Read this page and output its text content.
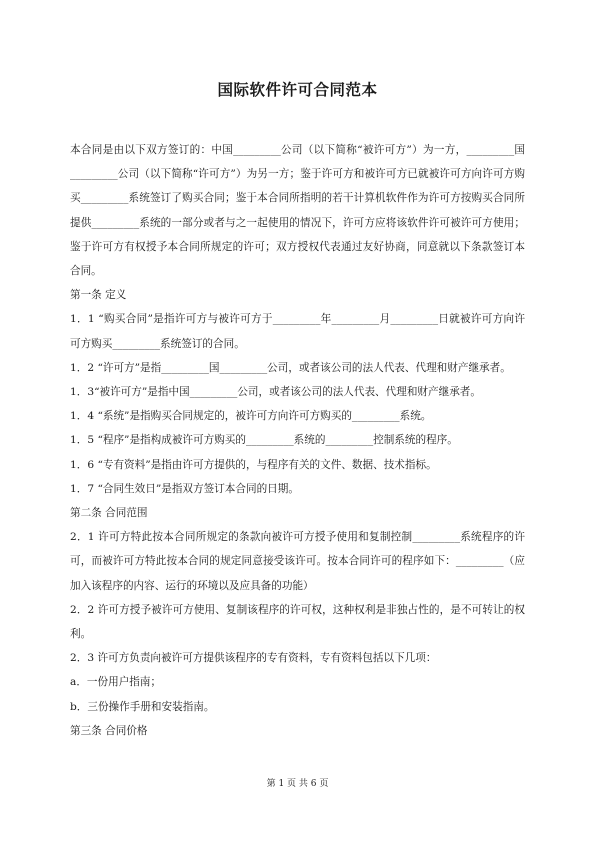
国际软件许可合同范本

本合同是由以下双方签订的：中国_________公司（以下简称“被许可方”）为一方，_________国_________公司（以下简称“许可方”）为另一方；鉴于许可方和被许可方已就被许可方向许可方购买_________系统签订了购买合同；鉴于本合同所指明的若干计算机软件作为许可方按购买合同所提供_________系统的一部分或者与之一起使用的情况下，许可方应将该软件许可被许可方使用；鉴于许可方有权授予本合同所规定的许可；双方授权代表通过友好协商，同意就以下条款签订本合同。

第一条 定义

1．1 “购买合同”是指许可方与被许可方于_________年_________月_________日就被许可方向许可方购买_________系统签订的合同。

1．2 “许可方”是指_________国_________公司，或者该公司的法人代表、代理和财产继承者。

1．3“被许可方”是指中国_________公司，或者该公司的法人代表、代理和财产继承者。

1．4 “系统”是指购买合同规定的，被许可方向许可方购买的_________系统。

1．5 “程序”是指构成被许可方购买的_________系统的_________控制系统的程序。

1．6 “专有资料”是指由许可方提供的，与程序有关的文件、数据、技术指标。

1．7 “合同生效日”是指双方签订本合同的日期。

第二条 合同范围

2．1 许可方特此按本合同所规定的条款向被许可方授予使用和复制控制_________系统程序的许可，而被许可方特此按本合同的规定同意接受该许可。按本合同许可的程序如下：_________（应加入该程序的内容、运行的环境以及应具备的功能）

2．2 许可方授予被许可方使用、复制该程序的许可权，这种权利是非独占性的，是不可转让的权利。

2．3 许可方负责向被许可方提供该程序的专有资料，专有资料包括以下几项：

a．一份用户指南；

b．三份操作手册和安装指南。

第三条 合同价格

第 1 页 共 6 页
